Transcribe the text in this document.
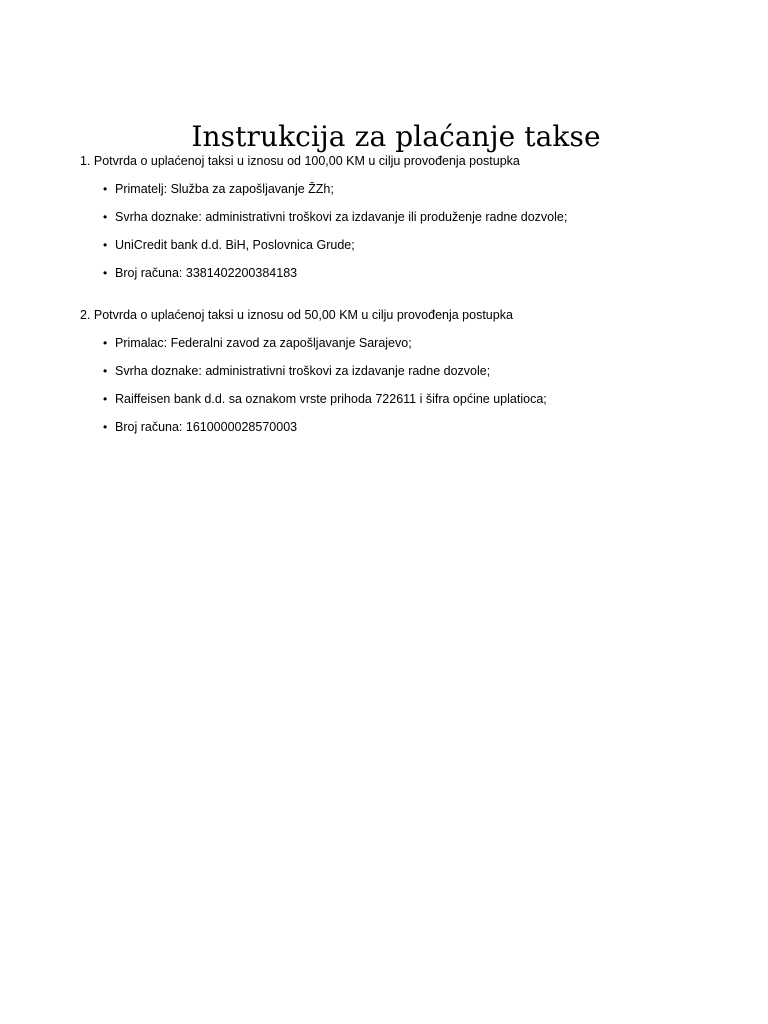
Instrukcija za plaćanje takse
1. Potvrda o uplaćenoj taksi u iznosu od 100,00 KM u cilju provođenja postupka
• Primatelj: Služba za zapošljavanje ŽZh;
• Svrha doznake: administrativni troškovi za izdavanje ili produženje radne dozvole;
• UniCredit bank d.d. BiH, Poslovnica Grude;
• Broj računa: 3381402200384183
2. Potvrda o uplaćenoj taksi u iznosu od 50,00 KM u cilju provođenja postupka
• Primalac: Federalni zavod za zapošljavanje Sarajevo;
• Svrha doznake: administrativni troškovi za izdavanje radne dozvole;
• Raiffeisen bank d.d. sa oznakom vrste prihoda 722611 i šifra općine uplatioca;
• Broj računa: 1610000028570003
